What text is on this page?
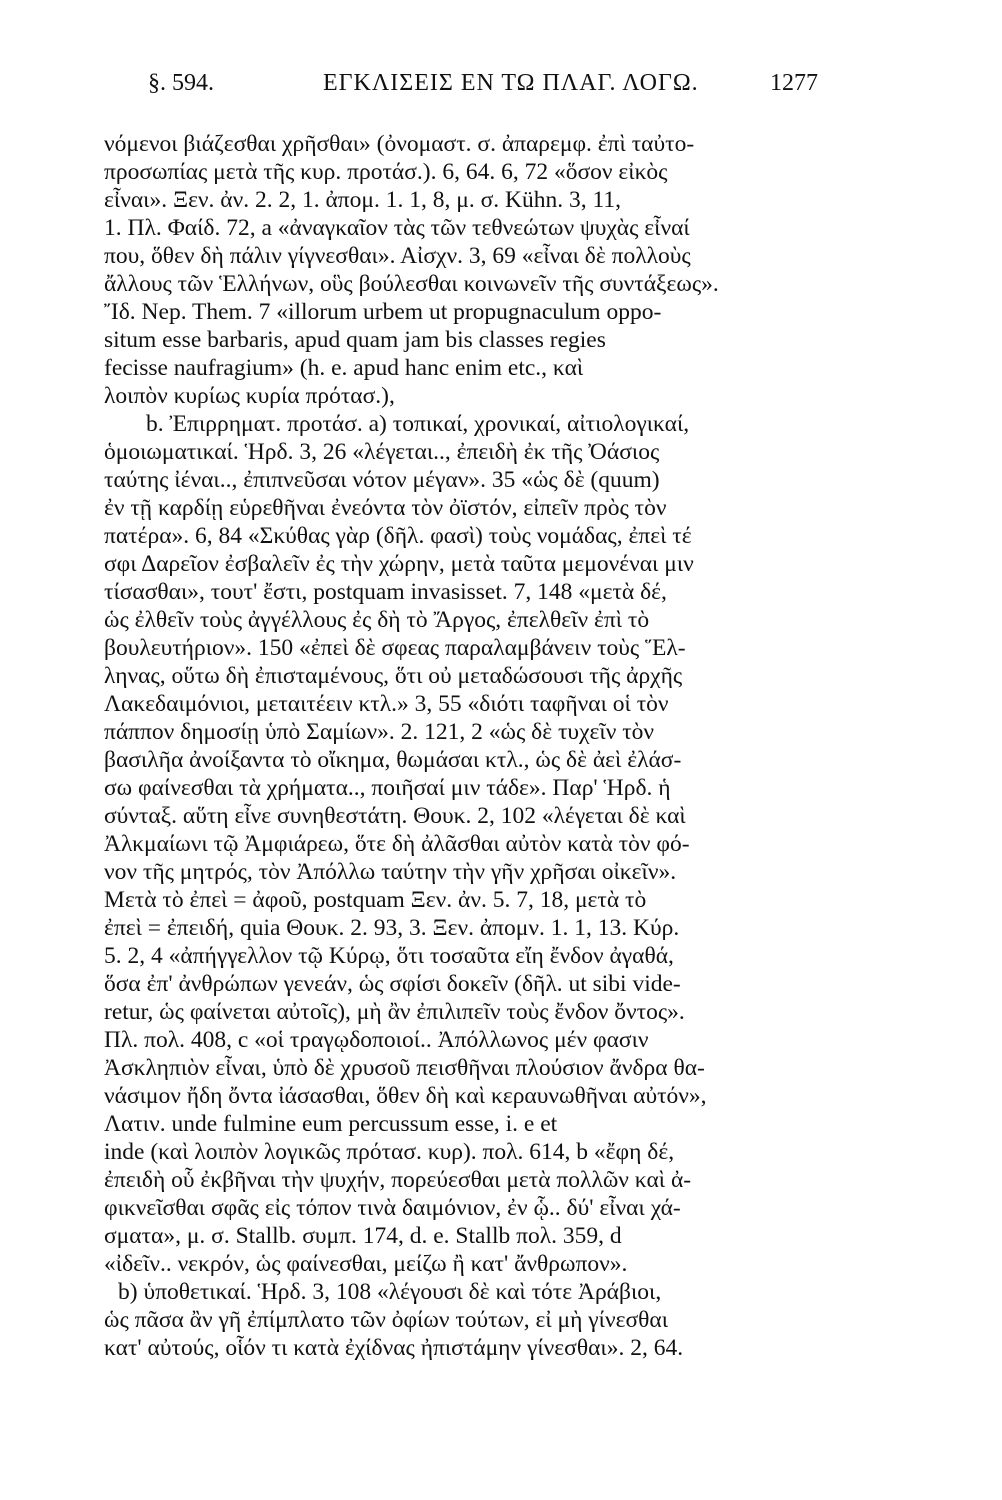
§. 594.	ΕΓΚΛΙΣΕΙΣ ΕΝ ΤΩ ΠΛΑΓ. ΛΟΓΩ.	1277
νόμενοι βιάζεσθαι χρῆσθαι» (ὀνομαστ. σ. ἀπαρεμφ. ἐπὶ ταὐτο-
προσωπίας μετὰ τῆς κυρ. προτάσ.). 6, 64. 6, 72 «ὅσον εἰκὸς
εἶναι». Ξεν. ἀν. 2. 2, 1. ἀπομ. 1. 1, 8, μ. σ. Kühn. 3, 11,
1. Πλ. Φαίδ. 72, a «ἀναγκαῖον τὰς τῶν τεθνεώτων ψυχὰς εἶναί
που, ὅθεν δὴ πάλιν γίγνεσθαι». Αἰσχν. 3, 69 «εἶναι δὲ πολλοὺς
ἄλλους τῶν Ἑλλήνων, οὓς βούλεσθαι κοινωνεῖν τῆς συντάξεως».
Ἴδ. Nep. Them. 7 «illorum urbem ut propugnaculum oppo-
situm esse barbaris, apud quam jam bis classes regies
fecisse naufragium» (h. e. apud hanc enim etc., καὶ
λοιπὸν κυρίως κυρία πρότασ.),
b. Ἐπιρρηματ. προτάσ. a) τοπικαί, χρονικαί, αἰτιολογικαί,
ὁμοιωματικαί. Ἡρδ. 3, 26 «λέγεται.., ἐπειδὴ ἐκ τῆς Ὀάσιος
ταύτης ἰέναι.., ἐπιπνεῦσαι νότον μέγαν». 35 «ὡς δὲ (quum)
ἐν τῇ καρδίῃ εὑρεθῆναι ἐνεόντα τὸν ὀϊστόν, εἰπεῖν πρὸς τὸν
πατέρα». 6, 84 «Σκύθας γὰρ (δῆλ. φασὶ) τοὺς νομάδας, ἐπεὶ τέ
σφι Δαρεῖον ἐσβαλεῖν ἐς τὴν χώρην, μετὰ ταῦτα μεμονέναι μιν
τίσασθαι», τουτ' ἔστι, postquam invasisset. 7, 148 «μετὰ δέ,
ὡς ἐλθεῖν τοὺς ἀγγέλλους ἐς δὴ τὸ Ἄργος, ἐπελθεῖν ἐπὶ τὸ
βουλευτήριον». 150 «ἐπεὶ δὲ σφεας παραλαμβάνειν τοὺς Ἕλ-
ληνας, οὕτω δὴ ἐπισταμένους, ὅτι οὐ μεταδώσουσι τῆς ἀρχῆς
Λακεδαιμόνιοι, μεταιτέειν κτλ.» 3, 55 «διότι ταφῆναι οἱ τὸν
πάππον δημοσίῃ ὑπὸ Σαμίων». 2. 121, 2 «ὡς δὲ τυχεῖν τὸν
βασιλῆα ἀνοίξαντα τὸ οἴκημα, θωμάσαι κτλ., ὡς δὲ ἀεὶ ἐλάσ-
σω φαίνεσθαι τὰ χρήματα.., ποιῆσαί μιν τάδε». Παρ' Ἡρδ. ἡ
σύνταξ. αὕτη εἶνε συνηθεστάτη. Θουκ. 2, 102 «λέγεται δὲ καὶ
Ἀλκμαίωνι τῷ Ἀμφιάρεω, ὅτε δὴ ἀλᾶσθαι αὐτὸν κατὰ τὸν φό-
νον τῆς μητρός, τὸν Ἀπόλλω ταύτην τὴν γῆν χρῆσαι οἰκεῖν».
Μετὰ τὸ ἐπεὶ = ἀφοῦ, postquam Ξεν. ἀν. 5. 7, 18, μετὰ τὸ
ἐπεὶ = ἐπειδή, quia Θουκ. 2. 93, 3. Ξεν. ἀπομν. 1. 1, 13. Κύρ.
5. 2, 4 «ἀπήγγελλον τῷ Κύρῳ, ὅτι τοσαῦτα εἴη ἔνδον ἀγαθά,
ὅσα ἐπ' ἀνθρώπων γενεάν, ὡς σφίσι δοκεῖν (δῆλ. ut sibi vide-
retur, ὡς φαίνεται αὐτοῖς), μὴ ἂν ἐπιλιπεῖν τοὺς ἔνδον ὄντος».
Πλ. πολ. 408, c «οἱ τραγῳδοποιοί.. Ἀπόλλωνος μέν φασιν
Ἀσκληπιὸν εἶναι, ὑπὸ δὲ χρυσοῦ πεισθῆναι πλούσιον ἄνδρα θα-
νάσιμον ἤδη ὄντα ἰάσασθαι, ὅθεν δὴ καὶ κεραυνωθῆναι αὐτόν»,
Λατιν. unde fulmine eum percussum esse, i. e et
inde (καὶ λοιπὸν λογικῶς πρότασ. κυρ). πολ. 614, b «ἔφη δέ,
ἐπειδὴ οὗ ἐκβῆναι τὴν ψυχήν, πορεύεσθαι μετὰ πολλῶν καὶ ἀ-
φικνεῖσθαι σφᾶς εἰς τόπον τινὰ δαιμόνιον, ἐν ᾧ.. δύ' εἶναι χά-
σματα», μ. σ. Stallb. συμπ. 174, d. e. Stallb πολ. 359, d
«ἰδεῖν.. νεκρόν, ὡς φαίνεσθαι, μείζω ἢ κατ' ἄνθρωπον».
b) ὑποθετικαί. Ἡρδ. 3, 108 «λέγουσι δὲ καὶ τότε Ἀράβιοι,
ὡς πᾶσα ἂν γῆ ἐπίμπλατο τῶν ὀφίων τούτων, εἰ μὴ γίνεσθαι
κατ' αὐτούς, οἷόν τι κατὰ ἐχίδνας ἠπιστάμην γίνεσθαι». 2, 64.
